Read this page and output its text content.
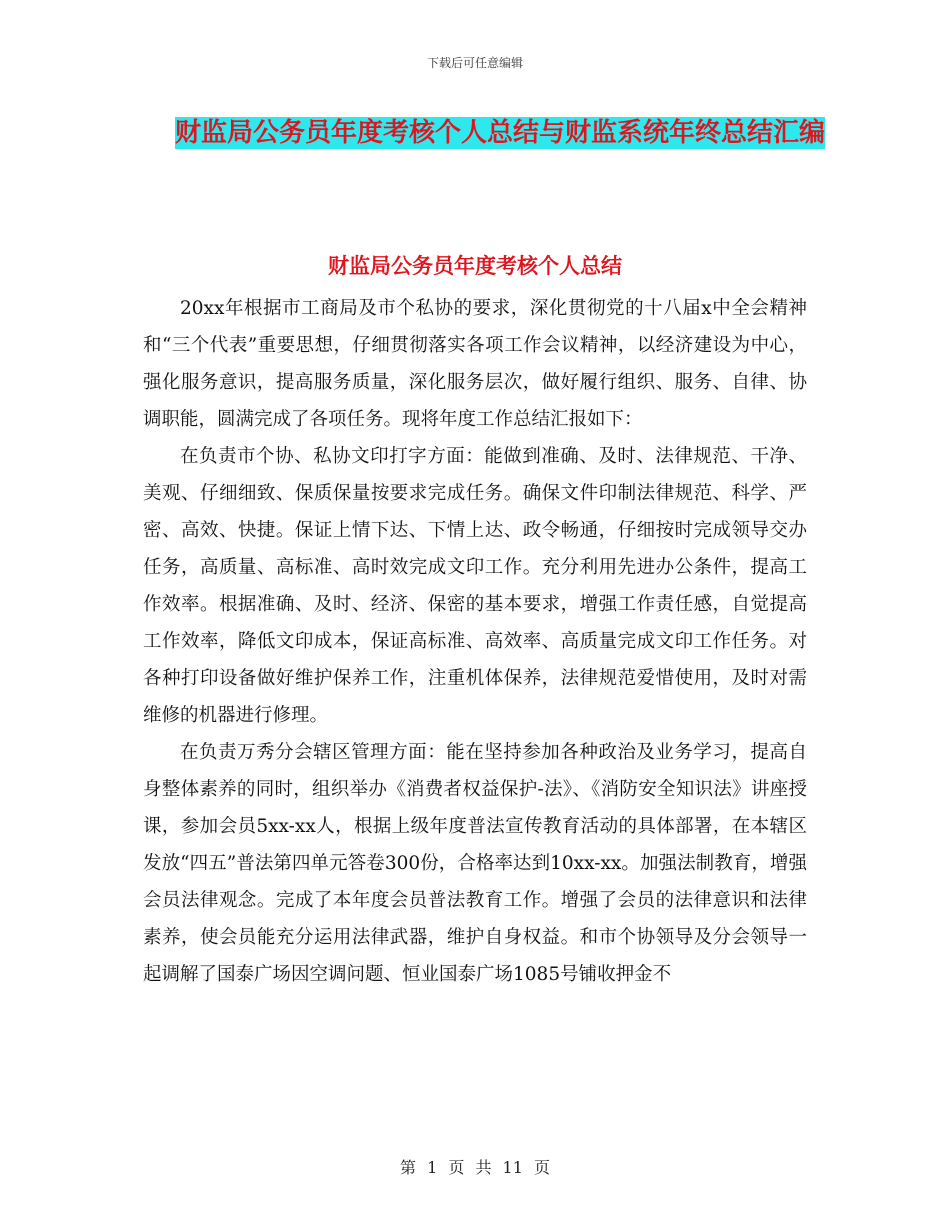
下载后可任意编辑
财监局公务员年度考核个人总结与财监系统年终总结汇编
财监局公务员年度考核个人总结

20xx年根据市工商局及市个私协的要求，深化贯彻党的十八届x中全会精神和“三个代表”重要思想，仔细贯彻落实各项工作会议精神，以经济建设为中心，强化服务意识，提高服务质量，深化服务层次，做好履行组织、服务、自律、协调职能，圆满完成了各项任务。现将年度工作总结汇报如下：

在负责市个协、私协文印打字方面：能做到准确、及时、法律规范、干净、美观、仔细细致、保质保量按要求完成任务。确保文件印制法律规范、科学、严密、高效、快捷。保证上情下达、下情上达、政令畅通，仔细按时完成领导交办任务，高质量、高标准、高时效完成文印工作。充分利用先进办公条件，提高工作效率。根据准确、及时、经济、保密的基本要求，增强工作责任感，自觉提高工作效率，降低文印成本，保证高标准、高效率、高质量完成文印工作任务。对各种打印设备做好维护保养工作，注重机体保养，法律规范爱惜使用，及时对需维修的机器进行修理。

在负责万秀分会辖区管理方面：能在坚持参加各种政治及业务学习，提高自身整体素养的同时，组织举办《消费者权益保护-法》、《消防安全知识法》讲座授课，参加会员5xx-xx人，根据上级年度普法宣传教育活动的具体部署，在本辖区发放“四五”普法第四单元答卷300份，合格率达到10xx-xx。加强法制教育，增强会员法律观念。完成了本年度会员普法教育工作。增强了会员的法律意识和法律素养，使会员能充分运用法律武器，维护自身权益。和市个协领导及分会领导一起调解了国泰广场因空调问题、恒业国泰广场1085号铺收押金不

第 1 页 共 11 页
